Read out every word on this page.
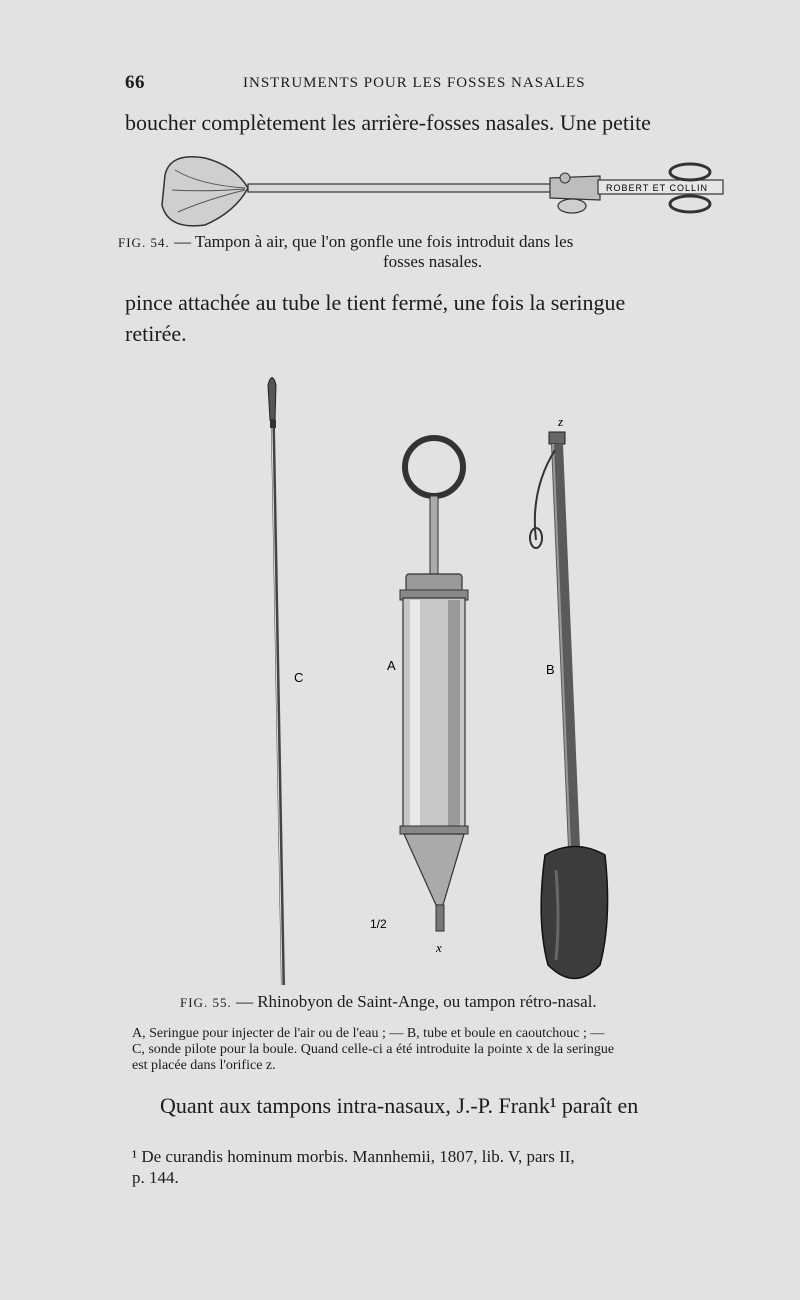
66	INSTRUMENTS POUR LES FOSSES NASALES
boucher complètement les arrière-fosses nasales. Une petite
ROBERT ET COLLIN
C
A	B
z
x
1/2
FIG. 54. — Tampon à air, que l'on gonfle une fois introduit dans les
fosses nasales.
pince attachée au tube le tient fermé, une fois la seringue
retirée.
FIG. 55. — Rhinobyon de Saint-Ange, ou tampon rétro-nasal.
A, Seringue pour injecter de l'air ou de l'eau ; — B, tube et boule en caoutchouc ; —
C, sonde pilote pour la boule. Quand celle-ci a été introduite la pointe x de la seringue
est placée dans l'orifice z.
Quant aux tampons intra-nasaux, J.-P. Frank¹ paraît en
¹ De curandis hominum morbis. Mannhemii, 1807, lib. V, pars II,
p. 144.
